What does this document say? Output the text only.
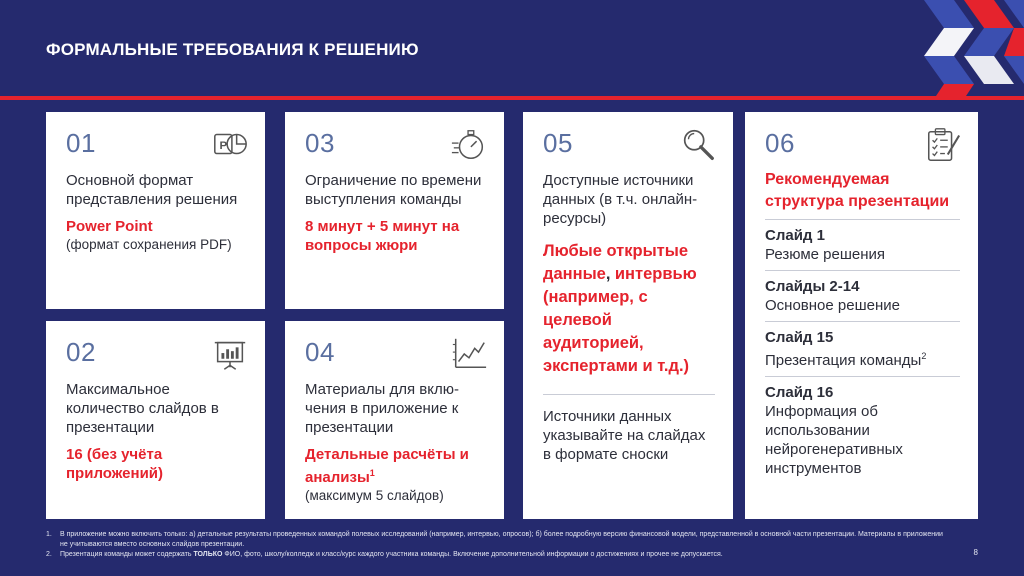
ФОРМАЛЬНЫЕ ТРЕБОВАНИЯ К РЕШЕНИЮ
01	P
Основной формат представления решения
Power Point
(формат сохранения PDF)
02
Максимальное количество слайдов в презентации
16 (без учёта приложений)
03
Ограничение по времени выступления команды
8 минут + 5 минут на вопросы жюри
04
Материалы для вклю-чения в приложение к презентации
Детальные расчёты и анализы$^1$
(максимум 5 слайдов)
05
Доступные источники данных (в т.ч. онлайн-ресурсы)
Любые открытые данные, интервью (например, с целевой аудиторией, экспертами и т.д.)
Источники данных указывайте на слайдах в формате сноски
06
Рекомендуемая структура презентации
Слайд 1
Резюме решения
Слайды 2-14
Основное решение
Слайд 15
Презентация команды$^2$
Слайд 16
Информация об использовании нейрогенеративных инструментов
1.	В приложение можно включить только: а) детальные результаты проведенных командой полевых исследований (например, интервью, опросов); б) более подробную версию финансовой модели, представленной в основной части презентации. Материалы в приложении не учитываются вместо основных слайдов презентации.
2.	Презентация команды может содержать ТОЛЬКО ФИО, фото, школу/колледж и класс/курс каждого участника команды. Включение дополнительной информации о достижениях и прочее не допускается.	8
